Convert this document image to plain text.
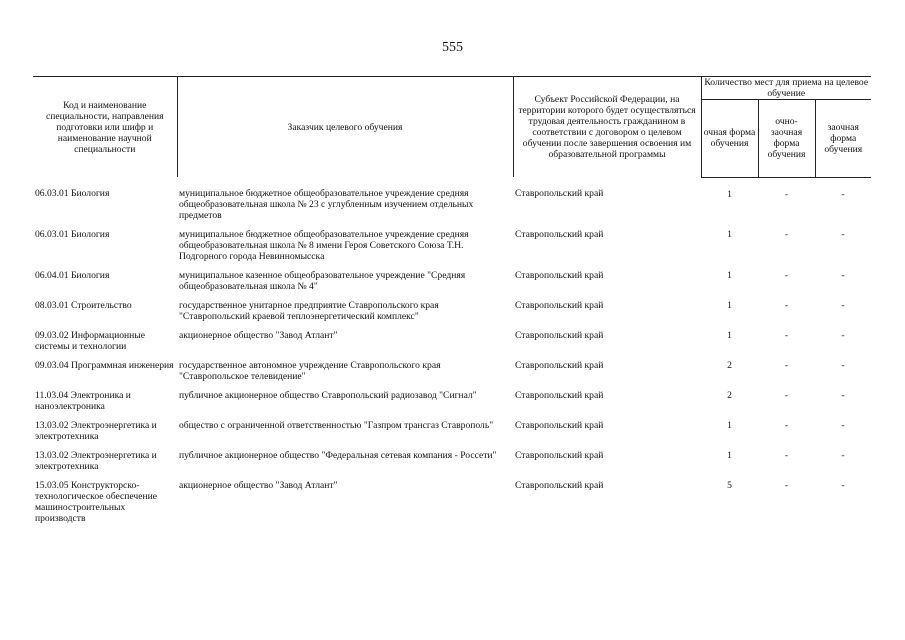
555
Код и наименование специальности, направления подготовки или шифр и наименование научной специальности	Заказчик целевого обучения	Субъект Российской Федерации, на территории которого будет осуществляться трудовая деятельность гражданином в соответствии с договором о целевом обучении после завершения освоения им образовательной программы	Количество мест для приема на целевое обучение		
			очная форма обучения	очно-заочная форма обучения	заочная форма обучения
06.03.01 Биология	муниципальное бюджетное общеобразовательное учреждение средняя общеобразовательная школа № 23 с углубленным изучением отдельных предметов	Ставропольский край	1	-	-
06.03.01 Биология	муниципальное бюджетное общеобразовательное учреждение средняя общеобразовательная школа № 8 имени Героя Советского Союза Т.Н. Подгорного города Невинномысска	Ставропольский край	1	-	-
06.04.01 Биология	муниципальное казенное общеобразовательное учреждение "Средняя общеобразовательная школа № 4"	Ставропольский край	1	-	-
08.03.01 Строительство	государственное унитарное предприятие Ставропольского края "Ставропольский краевой теплоэнергетический комплекс"	Ставропольский край	1	-	-
09.03.02 Информационные системы и технологии	акционерное общество "Завод Атлант"	Ставропольский край	1	-	-
09.03.04 Программная инженерия	государственное автономное учреждение Ставропольского края "Ставропольское телевидение"	Ставропольский край	2	-	-
11.03.04 Электроника и наноэлектроника	публичное акционерное общество Ставропольский радиозавод "Сигнал"	Ставропольский край	2	-	-
13.03.02 Электроэнергетика и электротехника	общество с ограниченной ответственностью "Газпром трансгаз Ставрополь"	Ставропольский край	1	-	-
13.03.02 Электроэнергетика и электротехника	публичное акционерное общество "Федеральная сетевая компания - Россети"	Ставропольский край	1	-	-
15.03.05 Конструкторско-технологическое обеспечение машиностроительных производств	акционерное общество "Завод Атлант"	Ставропольский край	5	-	-
